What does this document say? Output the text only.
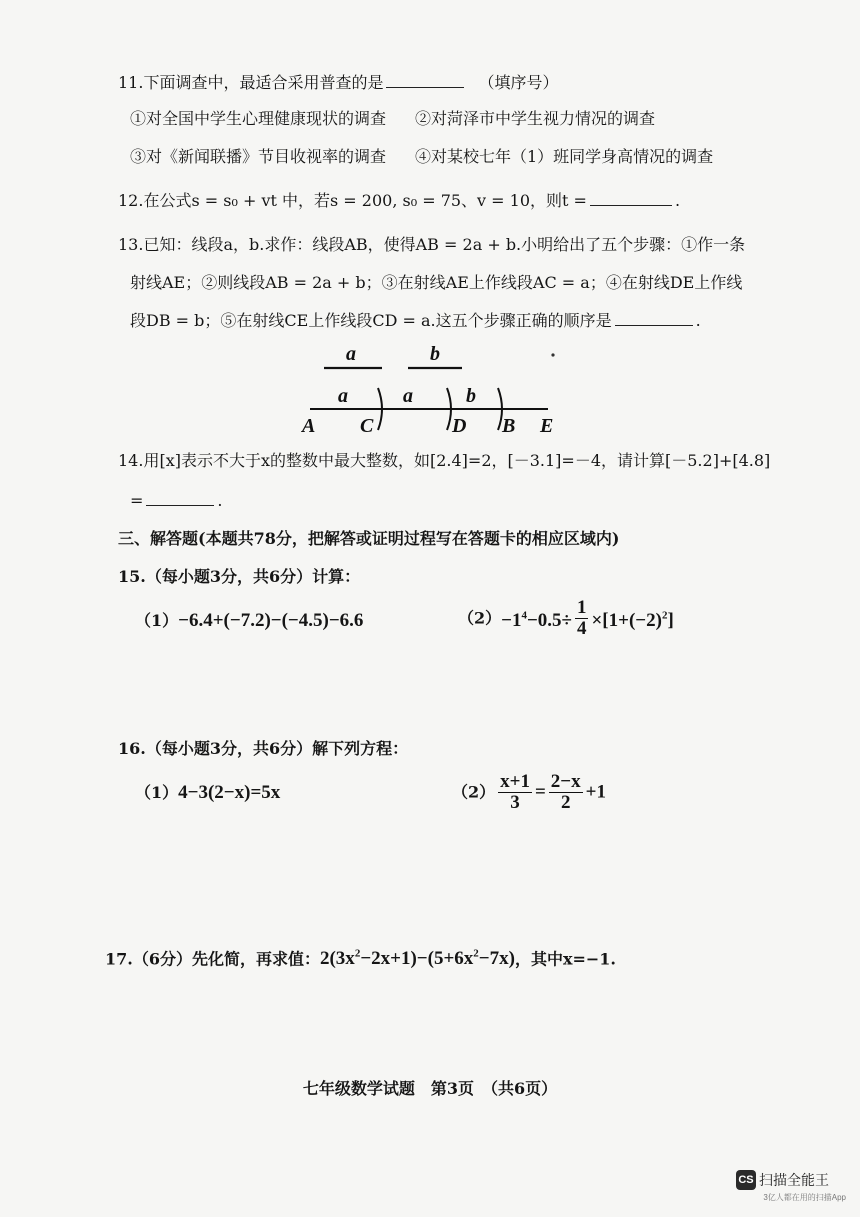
11.下面调查中，最适合采用普查的是	（填序号）
①对全国中学生心理健康现状的调查 ②对菏泽市中学生视力情况的调查
③对《新闻联播》节目收视率的调查 ④对某校七年（1）班同学身高情况的调查
12.在公式s = s₀ + vt 中，若s = 200, s₀ = 75、v = 10，则t =	.
13.已知：线段a，b.求作：线段AB，使得AB = 2a + b.小明给出了五个步骤：①作一条
射线AE；②则线段AB = 2a + b；③在射线AE上作线段AC = a；④在射线DE上作线
段DB = b；⑤在射线CE上作线段CD = a.这五个步骤正确的顺序是	.
a	b
a	a	b
A C	D B E
14.用[x]表示不大于x的整数中最大整数，如[2.4]=2，[－3.1]=－4，请计算[－5.2]+[4.8]
=	.
三、解答题(本题共78分，把解答或证明过程写在答题卡的相应区域内)
15.（每小题3分，共6分）计算：
（1）−6.4+(−7.2)−(−4.5)−6.6	$(2)-1^4-0.5\div \frac{1}{4} \times[1+(-2)^2]$
16.（每小题3分，共6分）解下列方程：
（1）4−3(2−x)=5x	$(2) \frac{x+1}{3} = \frac{2-x}{2} +1$
17.（6分）先化简，再求值：$2(3x^2-2x+1)-(5+6x^2-7x)$，其中x=−1.
七年级数学试题　第3页　（共6页）
CS 扫描全能王
3亿人都在用的扫描App
